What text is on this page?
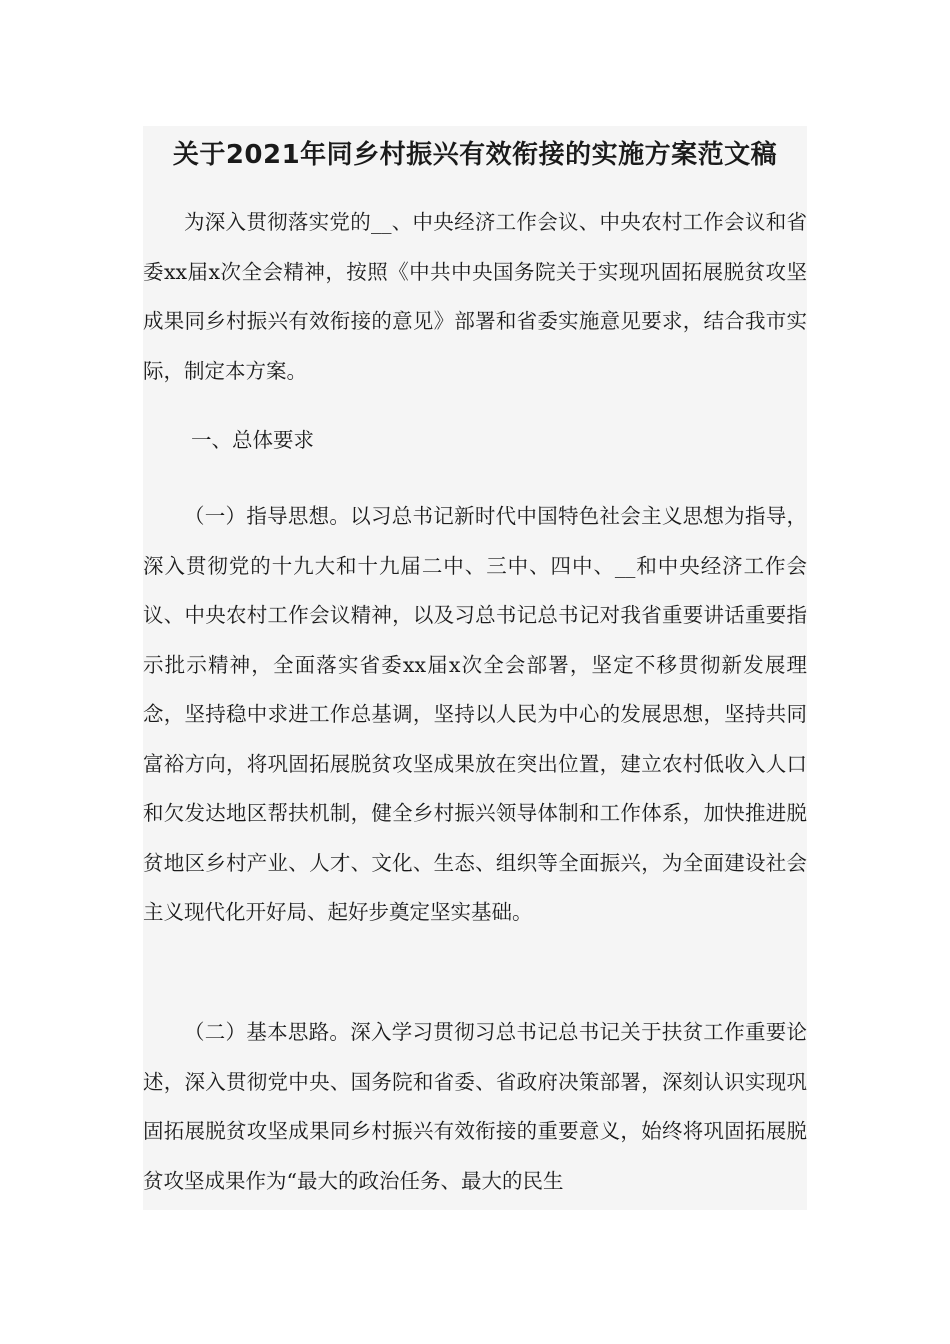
关于2021年同乡村振兴有效衔接的实施方案范文稿

为深入贯彻落实党的__、中央经济工作会议、中央农村工作会议和省委xx届x次全会精神，按照《中共中央国务院关于实现巩固拓展脱贫攻坚成果同乡村振兴有效衔接的意见》部署和省委实施意见要求，结合我市实际，制定本方案。

一、总体要求

（一）指导思想。以习总书记新时代中国特色社会主义思想为指导，深入贯彻党的十九大和十九届二中、三中、四中、__和中央经济工作会议、中央农村工作会议精神，以及习总书记总书记对我省重要讲话重要指示批示精神，全面落实省委xx届x次全会部署，坚定不移贯彻新发展理念，坚持稳中求进工作总基调，坚持以人民为中心的发展思想，坚持共同富裕方向，将巩固拓展脱贫攻坚成果放在突出位置，建立农村低收入人口和欠发达地区帮扶机制，健全乡村振兴领导体制和工作体系，加快推进脱贫地区乡村产业、人才、文化、生态、组织等全面振兴，为全面建设社会主义现代化开好局、起好步奠定坚实基础。

（二）基本思路。深入学习贯彻习总书记总书记关于扶贫工作重要论述，深入贯彻党中央、国务院和省委、省政府决策部署，深刻认识实现巩固拓展脱贫攻坚成果同乡村振兴有效衔接的重要意义，始终将巩固拓展脱贫攻坚成果作为“最大的政治任务、最大的民生
